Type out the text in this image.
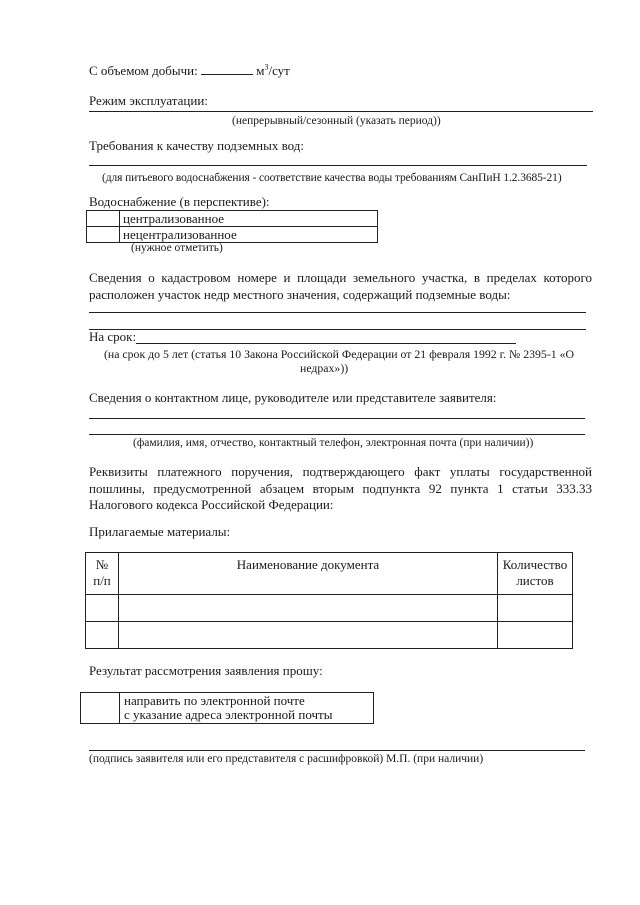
С объемом добычи:	$м^3$/сут
Режим эксплуатации:
(непрерывный/сезонный (указать период))
Требования к качеству подземных вод:
(для питьевого водоснабжения - соответствие качества воды требованиям СанПиН 1.2.3685-21)
Водоснабжение (в перспективе):
	централизованное
	нецентрализованное
(нужное отметить)
Сведения о кадастровом номере и площади земельного участка, в пределах которого расположен участок недр местного значения, содержащий подземные воды:
На срок:
(на срок до 5 лет (статья 10 Закона Российской Федерации от 21 февраля 1992 г. № 2395-1 «О
недрах»))
Сведения о контактном лице, руководителе или представителе заявителя:
(фамилия, имя, отчество, контактный телефон, электронная почта (при наличии))
Реквизиты платежного поручения, подтверждающего факт уплаты государственной пошлины, предусмотренной абзацем вторым подпункта 92 пункта 1 статьи 333.33 Налогового кодекса Российской Федерации:
Прилагаемые материалы:
№ п/п	Наименование документа	Количество листов

Результат рассмотрения заявления прошу:

направить по электронной почте
с указание адреса электронной почты
(подпись заявителя или его представителя с расшифровкой) М.П. (при наличии)
